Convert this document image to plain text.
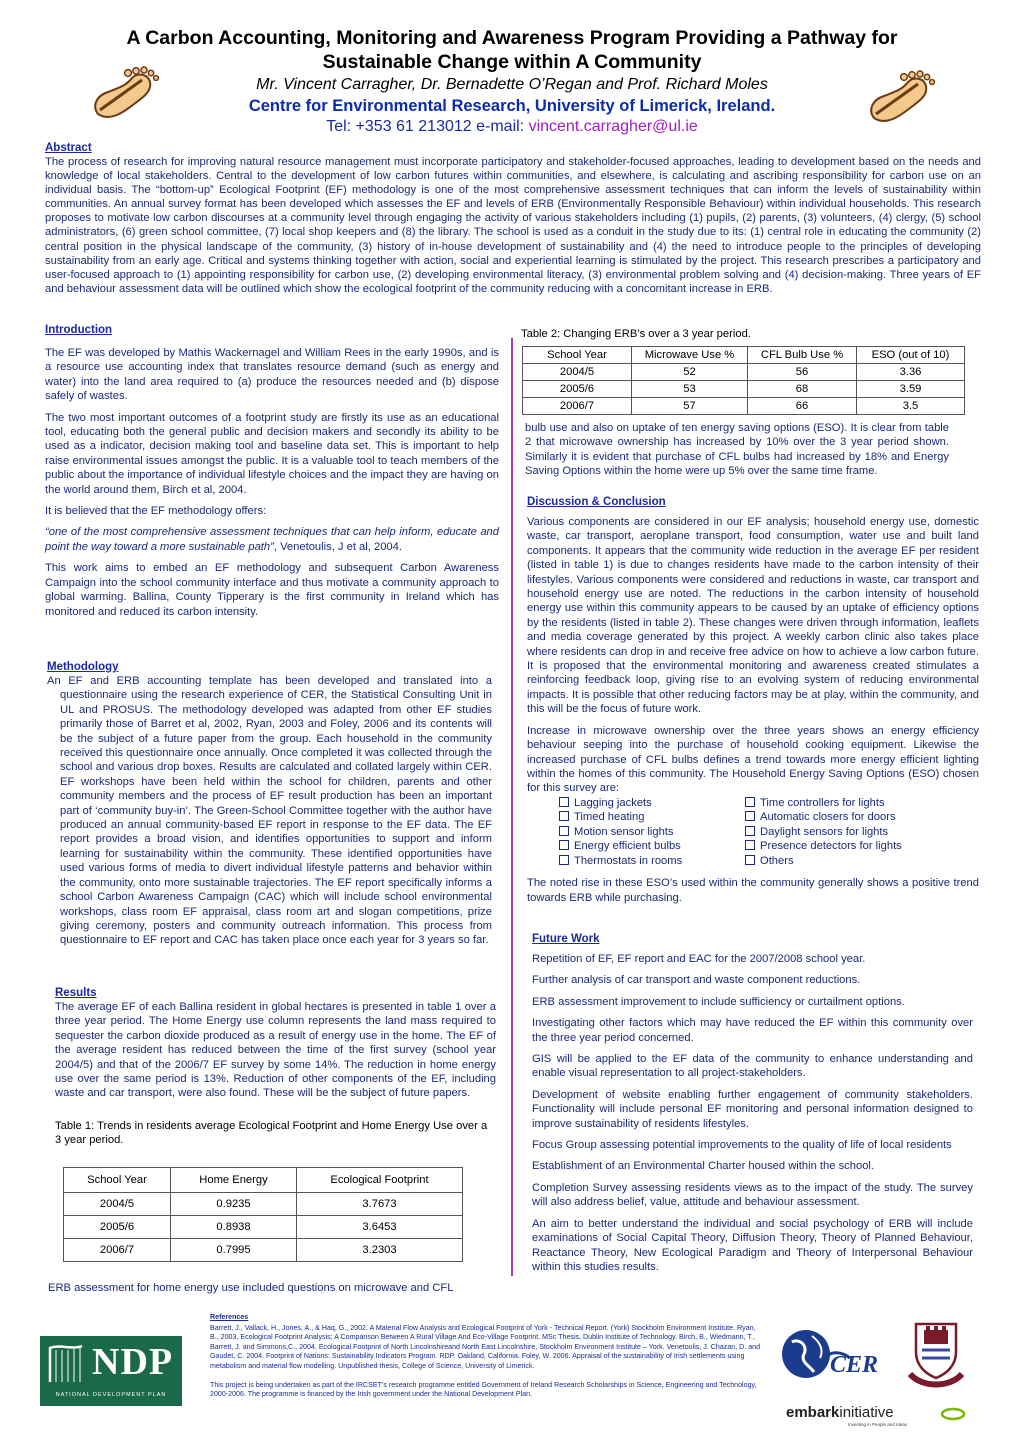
A Carbon Accounting, Monitoring and Awareness Program Providing a Pathway for
Sustainable Change within A Community
Mr. Vincent Carragher, Dr. Bernadette O’Regan and Prof. Richard Moles
Centre for Environmental Research, University of Limerick, Ireland.
Tel: +353 61 213012 e-mail: vincent.carragher@ul.ie

Abstract

The process of research for improving natural resource management must incorporate participatory and stakeholder-focused approaches, leading to development based on the needs and knowledge of local stakeholders. Central to the development of low carbon futures within communities, and elsewhere, is calculating and ascribing responsibility for carbon use on an individual basis. The “bottom-up” Ecological Footprint (EF) methodology is one of the most comprehensive assessment techniques that can inform the levels of sustainability within communities. An annual survey format has been developed which assesses the EF and levels of ERB (Environmentally Responsible Behaviour) within individual households. This research proposes to motivate low carbon discourses at a community level through engaging the activity of various stakeholders including (1) pupils, (2) parents, (3) volunteers, (4) clergy, (5) school administrators, (6) green school committee, (7) local shop keepers and (8) the library. The school is used as a conduit in the study due to its: (1) central role in educating the community (2) central position in the physical landscape of the community, (3) history of in-house development of sustainability and (4) the need to introduce people to the principles of developing sustainability from an early age. Critical and systems thinking together with action, social and experiential learning is stimulated by the project. This research prescribes a participatory and user-focused approach to (1) appointing responsibility for carbon use, (2) developing environmental literacy, (3) environmental problem solving and (4) decision-making. Three years of EF and behaviour assessment data will be outlined which show the ecological footprint of the community reducing with a concomitant increase in ERB.

Introduction

The EF was developed by Mathis Wackernagel and William Rees in the early 1990s, and is a resource use accounting index that translates resource demand (such as energy and water) into the land area required to (a) produce the resources needed and (b) dispose safely of wastes.

The two most important outcomes of a footprint study are firstly its use as an educational tool, educating both the general public and decision makers and secondly its ability to be used as a indicator, decision making tool and baseline data set. This is important to help raise environmental issues amongst the public. It is a valuable tool to teach members of the public about the importance of individual lifestyle choices and the impact they are having on the world around them, Birch et al, 2004.

It is believed that the EF methodology offers:

“one of the most comprehensive assessment techniques that can help inform, educate and point the way toward a more sustainable path”, Venetoulis, J et al, 2004.

This work aims to embed an EF methodology and subsequent Carbon Awareness Campaign into the school community interface and thus motivate a community approach to global warming. Ballina, County Tipperary is the first community in Ireland which has monitored and reduced its carbon intensity.

Methodology

An EF and ERB accounting template has been developed and translated into a questionnaire using the research experience of CER, the Statistical Consulting Unit in UL and PROSUS. The methodology developed was adapted from other EF studies primarily those of Barret et al, 2002, Ryan, 2003 and Foley, 2006 and its contents will be the subject of a future paper from the group. Each household in the community received this questionnaire once annually. Once completed it was collected through the school and various drop boxes. Results are calculated and collated largely within CER. EF workshops have been held within the school for children, parents and other community members and the process of EF result production has been an important part of ‘community buy-in’. The Green-School Committee together with the author have produced an annual community-based EF report in response to the EF data. The EF report provides a broad vision, and identifies opportunities to support and inform learning for sustainability within the community. These identified opportunities have used various forms of media to divert individual lifestyle patterns and behavior within the community, onto more sustainable trajectories. The EF report specifically informs a school Carbon Awareness Campaign (CAC) which will include school environmental workshops, class room EF appraisal, class room art and slogan competitions, prize giving ceremony, posters and community outreach information. This process from questionnaire to EF report and CAC has taken place once each year for 3 years so far.

Results

The average EF of each Ballina resident in global hectares is presented in table 1 over a three year period. The Home Energy use column represents the land mass required to sequester the carbon dioxide produced as a result of energy use in the home. The EF of the average resident has reduced between the time of the first survey (school year 2004/5) and that of the 2006/7 EF survey by some 14%. The reduction in home energy use over the same period is 13%. Reduction of other components of the EF, including waste and car transport, were also found. These will be the subject of future papers.

Table 1: Trends in residents average Ecological Footprint and Home Energy Use over a 3 year period.

School Year	Home Energy	Ecological Footprint
2004/5	0.9235	3.7673
2005/6	0.8938	3.6453
2006/7	0.7995	3.2303
ERB assessment for home energy use included questions on microwave and CFL
Table 2: Changing ERB’s over a 3 year period.
School Year	Microwave Use %	CFL Bulb Use %	ESO (out of 10)
2004/5	52	56	3.36
2005/6	53	68	3.59
2006/7	57	66	3.5

bulb use and also on uptake of ten energy saving options (ESO). It is clear from table 2 that microwave ownership has increased by 10% over the 3 year period shown. Similarly it is evident that purchase of CFL bulbs had increased by 18% and Energy Saving Options within the home were up 5% over the same time frame.

Discussion & Conclusion

Various components are considered in our EF analysis; household energy use, domestic waste, car transport, aeroplane transport, food consumption, water use and built land components. It appears that the community wide reduction in the average EF per resident (listed in table 1) is due to changes residents have made to the carbon intensity of their lifestyles. Various components were considered and reductions in waste, car transport and household energy use are noted. The reductions in the carbon intensity of household energy use within this community appears to be caused by an uptake of efficiency options by the residents (listed in table 2). These changes were driven through information, leaflets and media coverage generated by this project. A weekly carbon clinic also takes place where residents can drop in and receive free advice on how to achieve a low carbon future. It is proposed that the environmental monitoring and awareness created stimulates a reinforcing feedback loop, giving rise to an evolving system of reducing environmental impacts. It is possible that other reducing factors may be at play, within the community, and this will be the focus of future work.

Increase in microwave ownership over the three years shows an energy efficiency behaviour seeping into the purchase of household cooking equipment. Likewise the increased purchase of CFL bulbs defines a trend towards more energy efficient lighting within the homes of this community. The Household Energy Saving Options (ESO) chosen for this survey are:

Lagging jackets	Time controllers for lights
Timed heating	Automatic closers for doors
Motion sensor lights	Daylight sensors for lights
Energy efficient bulbs	Presence detectors for lights
Thermostats in rooms	Others

The noted rise in these ESO’s used within the community generally shows a positive trend towards ERB while purchasing.

Future Work

Repetition of EF, EF report and EAC for the 2007/2008 school year.

Further analysis of car transport and waste component reductions.

ERB assessment improvement to include sufficiency or curtailment options.

Investigating other factors which may have reduced the EF within this community over the three year period concerned.

GIS will be applied to the EF data of the community to enhance understanding and enable visual representation to all project-stakeholders.

Development of website enabling further engagement of community stakeholders. Functionality will include personal EF monitoring and personal information designed to improve sustainability of residents lifestyles.

Focus Group assessing potential improvements to the quality of life of local residents

Establishment of an Environmental Charter housed within the school.

Completion Survey assessing residents views as to the impact of the study. The survey will also address belief, value, attitude and behaviour assessment.

An aim to better understand the individual and social psychology of ERB will include examinations of Social Capital Theory, Diffusion Theory, Theory of Planned Behaviour, Reactance Theory, New Ecological Paradigm and Theory of Interpersonal Behaviour within this studies results.

NDP
NATIONAL DEVELOPMENT PLAN

References

Barrett, J., Vallack, H., Jones, A., & Haq, G., 2002. A Material Flow Analysis and Ecological Footprint of York - Technical Report. (York) Stockholm Environment Institute. Ryan, B., 2003, Ecological Footprint Analysis; A Comparison Between A Rural Village And Eco-Village Footprint. MSc Thesis, Dublin Institute of Technology. Birch, B., Wiedmann, T., Barrett, J. and Simmons,C., 2004, Ecological Footprint of North Lincolnshireand North East Lincolnshire, Stockholm Environment Institute – York. Venetoulis, J. Chazan, D. and Gaudet, C. 2004. Footprint of Nations: Sustainability Indicators Program. RDP. Oakland, California. Foley, W. 2006. Appraisal of the sustainability of Irish settlements using metabolism and material flow modelling. Unpublished thesis, College of Science, University of Limerick.

This project is being undertaken as part of the IRCSET’s research programme entitled Government of Ireland Research Scholarships in Science, Engineering and Technology, 2000-2006. The programme is financed by the Irish government under the National Development Plan.

CER
embarkinitiative
Investing in People and Ideas
